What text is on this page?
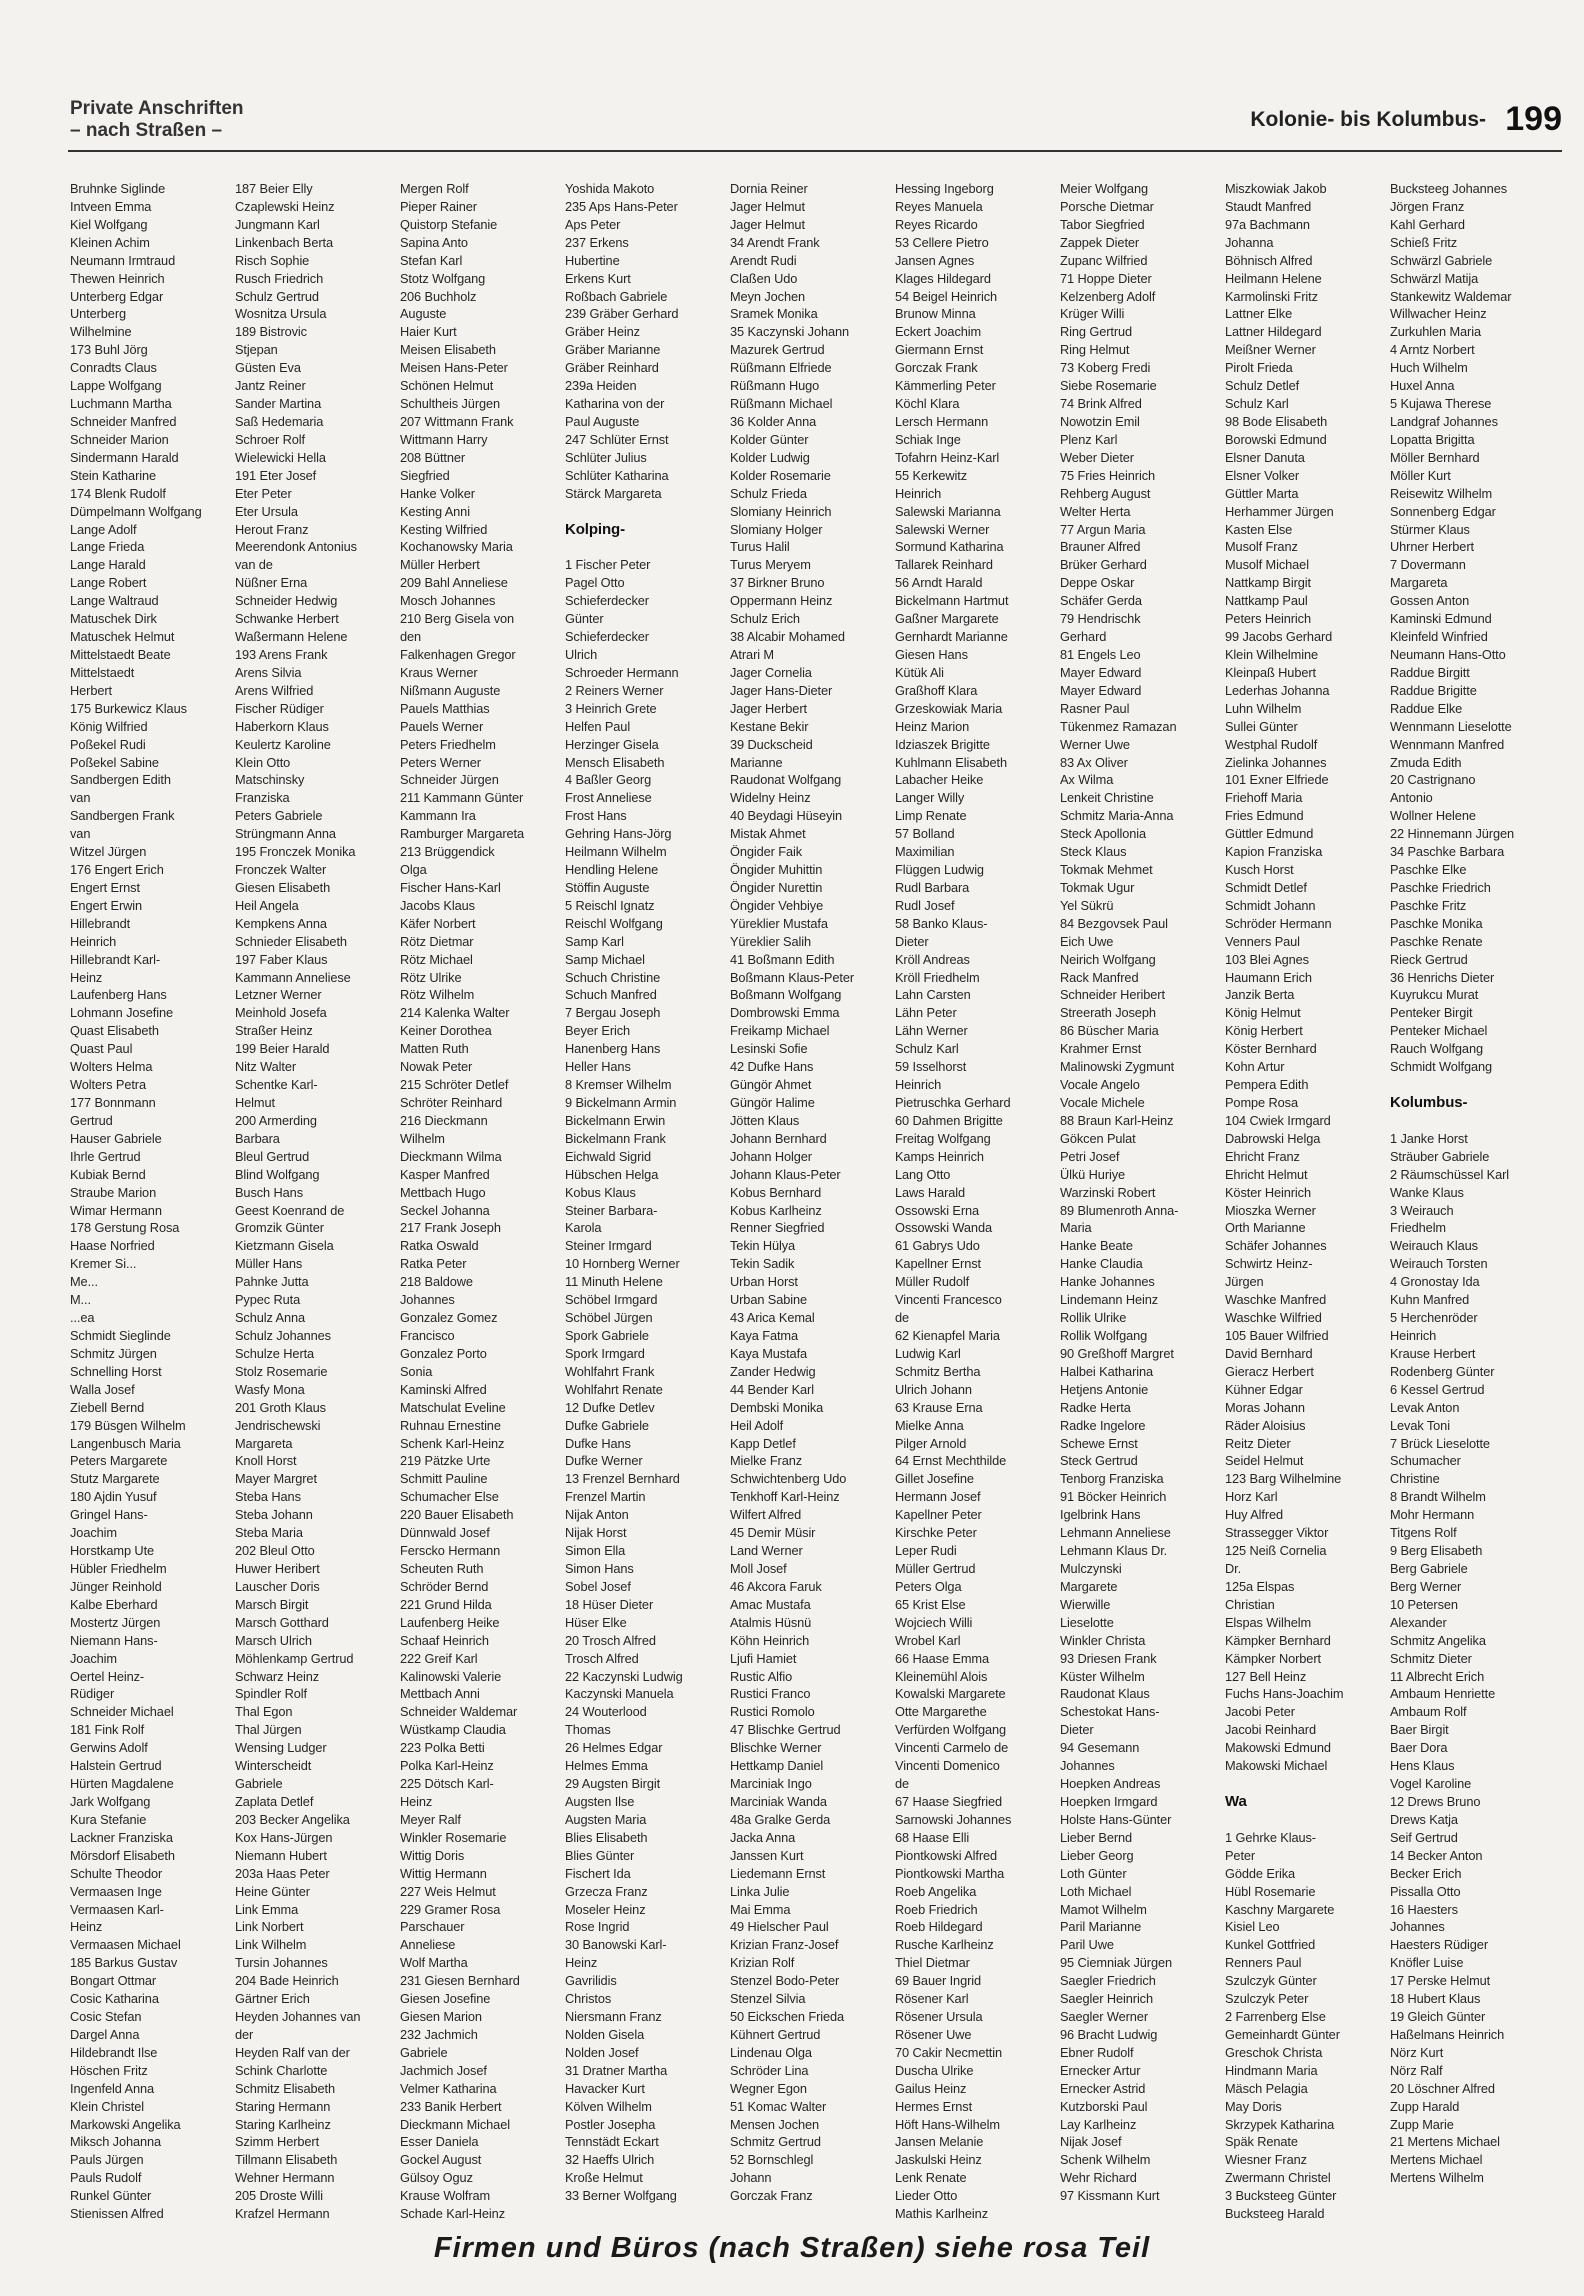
Private Anschriften
– nach Straßen –	Kolonie- bis Kolumbus- 199
Bruhnke Siglinde
Intveen Emma
Kiel Wolfgang
Kleinen Achim
Neumann Irmtraud
Thewen Heinrich
Unterberg Edgar
Unterberg
Wilhelmine
173 Buhl Jörg
Conradts Claus
Lappe Wolfgang
Luchmann Martha
Schneider Manfred
Schneider Marion
Sindermann Harald
Stein Katharine
174 Blenk Rudolf
Dümpelmann Wolfgang
Lange Adolf
Lange Frieda
Lange Harald
Lange Robert
Lange Waltraud
Matuschek Dirk
Matuschek Helmut
Mittelstaedt Beate
Mittelstaedt
Herbert
175 Burkewicz Klaus
König Wilfried
Poßekel Rudi
Poßekel Sabine
Sandbergen Edith
van
Sandbergen Frank
van
Witzel Jürgen
176 Engert Erich
Engert Ernst
Engert Erwin
Hillebrandt
Heinrich
Hillebrandt Karl-
Heinz
Laufenberg Hans
Lohmann Josefine
Quast Elisabeth
Quast Paul
Wolters Helma
Wolters Petra
177 Bonnmann
Gertrud
Hauser Gabriele
Ihrle Gertrud
Kubiak Bernd
Straube Marion
Wimar Hermann
178 Gerstung Rosa
Haase Norfried
Kremer Si...
Me...
M...
...ea
Schmidt Sieglinde
Schmitz Jürgen
Schnelling Horst
Walla Josef
Ziebell Bernd
179 Büsgen Wilhelm
Langenbusch Maria
Peters Margarete
Stutz Margarete
180 Ajdin Yusuf
Gringel Hans-
Joachim
Horstkamp Ute
Hübler Friedhelm
Jünger Reinhold
Kalbe Eberhard
Mostertz Jürgen
Niemann Hans-
Joachim
Oertel Heinz-
Rüdiger
Schneider Michael
181 Fink Rolf
Gerwins Adolf
Halstein Gertrud
Hürten Magdalene
Jark Wolfgang
Kura Stefanie
Lackner Franziska
Mörsdorf Elisabeth
Schulte Theodor
Vermaasen Inge
Vermaasen Karl-
Heinz
Vermaasen Michael
185 Barkus Gustav
Bongart Ottmar
Cosic Katharina
Cosic Stefan
Dargel Anna
Hildebrandt Ilse
Höschen Fritz
Ingenfeld Anna
Klein Christel
Markowski Angelika
Miksch Johanna
Pauls Jürgen
Pauls Rudolf
Runkel Günter
Stienissen Alfred
187 Beier Elly
Czaplewski Heinz
Jungmann Karl
Linkenbach Berta
Risch Sophie
Rusch Friedrich
Schulz Gertrud
Wosnitza Ursula
189 Bistrovic
Stjepan
Güsten Eva
Jantz Reiner
Sander Martina
Saß Hedemaria
Schroer Rolf
Wielewicki Hella
191 Eter Josef
Eter Peter
Eter Ursula
Herout Franz
Meerendonk Antonius
van de
Nüßner Erna
Schneider Hedwig
Schwanke Herbert
Waßermann Helene
193 Arens Frank
Arens Silvia
Arens Wilfried
Fischer Rüdiger
Haberkorn Klaus
Keulertz Karoline
Klein Otto
Matschinsky
Franziska
Peters Gabriele
Strüngmann Anna
195 Fronczek Monika
Fronczek Walter
Giesen Elisabeth
Heil Angela
Kempkens Anna
Schnieder Elisabeth
197 Faber Klaus
Kammann Anneliese
Letzner Werner
Meinhold Josefa
Straßer Heinz
199 Beier Harald
Nitz Walter
Schentke Karl-
Helmut
200 Armerding
Barbara
Bleul Gertrud
Blind Wolfgang
Busch Hans
Geest Koenrand de
Gromzik Günter
Kietzmann Gisela
Müller Hans
Pahnke Jutta
Pypec Ruta
Schulz Anna
Schulz Johannes
Schulze Herta
Stolz Rosemarie
Wasfy Mona
201 Groth Klaus
Jendrischewski
Margareta
Knoll Horst
Mayer Margret
Steba Hans
Steba Johann
Steba Maria
202 Bleul Otto
Huwer Heribert
Lauscher Doris
Marsch Birgit
Marsch Gotthard
Marsch Ulrich
Möhlenkamp Gertrud
Schwarz Heinz
Spindler Rolf
Thal Egon
Thal Jürgen
Wensing Ludger
Winterscheidt
Gabriele
Zaplata Detlef
203 Becker Angelika
Kox Hans-Jürgen
Niemann Hubert
203a Haas Peter
Heine Günter
Link Emma
Link Norbert
Link Wilhelm
Tursin Johannes
204 Bade Heinrich
Gärtner Erich
Heyden Johannes van
der
Heyden Ralf van der
Schink Charlotte
Schmitz Elisabeth
Staring Hermann
Staring Karlheinz
Szimm Herbert
Tillmann Elisabeth
Wehner Hermann
205 Droste Willi
Krafzel Hermann
Mergen Rolf
Pieper Rainer
Quistorp Stefanie
Sapina Anto
Stefan Karl
Stotz Wolfgang
206 Buchholz
Auguste
Haier Kurt
Meisen Elisabeth
Meisen Hans-Peter
Schönen Helmut
Schultheis Jürgen
207 Wittmann Frank
Wittmann Harry
208 Büttner
Siegfried
Hanke Volker
Kesting Anni
Kesting Wilfried
Kochanowsky Maria
Müller Herbert
209 Bahl Anneliese
Mosch Johannes
210 Berg Gisela von
den
Falkenhagen Gregor
Kraus Werner
Nißmann Auguste
Pauels Matthias
Pauels Werner
Peters Friedhelm
Peters Werner
Schneider Jürgen
211 Kammann Günter
Kammann Ira
Ramburger Margareta
213 Brüggendick
Olga
Fischer Hans-Karl
Jacobs Klaus
Käfer Norbert
Rötz Dietmar
Rötz Michael
Rötz Ulrike
Rötz Wilhelm
214 Kalenka Walter
Keiner Dorothea
Matten Ruth
Nowak Peter
215 Schröter Detlef
Schröter Reinhard
216 Dieckmann
Wilhelm
Dieckmann Wilma
Kasper Manfred
Mettbach Hugo
Seckel Johanna
217 Frank Joseph
Ratka Oswald
Ratka Peter
218 Baldowe
Johannes
Gonzalez Gomez
Francisco
Gonzalez Porto
Sonia
Kaminski Alfred
Matschulat Eveline
Ruhnau Ernestine
Schenk Karl-Heinz
219 Pätzke Urte
Schmitt Pauline
Schumacher Else
220 Bauer Elisabeth
Dünnwald Josef
Ferscko Hermann
Scheuten Ruth
Schröder Bernd
221 Grund Hilda
Laufenberg Heike
Schaaf Heinrich
222 Greif Karl
Kalinowski Valerie
Mettbach Anni
Schneider Waldemar
Wüstkamp Claudia
223 Polka Betti
Polka Karl-Heinz
225 Dötsch Karl-
Heinz
Meyer Ralf
Winkler Rosemarie
Wittig Doris
Wittig Hermann
227 Weis Helmut
229 Gramer Rosa
Parschauer
Anneliese
Wolf Martha
231 Giesen Bernhard
Giesen Josefine
Giesen Marion
232 Jachmich
Gabriele
Jachmich Josef
Velmer Katharina
233 Banik Herbert
Dieckmann Michael
Esser Daniela
Gockel August
Gülsoy Oguz
Krause Wolfram
Schade Karl-Heinz
Yoshida Makoto
235 Aps Hans-Peter
Aps Peter
237 Erkens
Hubertine
Erkens Kurt
Roßbach Gabriele
239 Gräber Gerhard
Gräber Heinz
Gräber Marianne
Gräber Reinhard
239a Heiden
Katharina von der
Paul Auguste
247 Schlüter Ernst
Schlüter Julius
Schlüter Katharina
Stärck Margareta
Kolping-
1 Fischer Peter
Pagel Otto
Schieferdecker
Günter
Schieferdecker
Ulrich
Schroeder Hermann
2 Reiners Werner
3 Heinrich Grete
Helfen Paul
Herzinger Gisela
Mensch Elisabeth
4 Baßler Georg
Frost Anneliese
Frost Hans
Gehring Hans-Jörg
Heilmann Wilhelm
Hendling Helene
Stöffin Auguste
5 Reischl Ignatz
Reischl Wolfgang
Samp Karl
Samp Michael
Schuch Christine
Schuch Manfred
7 Bergau Joseph
Beyer Erich
Hanenberg Hans
Heller Hans
8 Kremser Wilhelm
9 Bickelmann Armin
Bickelmann Erwin
Bickelmann Frank
Eichwald Sigrid
Hübschen Helga
Kobus Klaus
Steiner Barbara-
Karola
Steiner Irmgard
10 Hornberg Werner
11 Minuth Helene
Schöbel Irmgard
Schöbel Jürgen
Spork Gabriele
Spork Irmgard
Wohlfahrt Frank
Wohlfahrt Renate
12 Dufke Detlev
Dufke Gabriele
Dufke Hans
Dufke Werner
13 Frenzel Bernhard
Frenzel Martin
Nijak Anton
Nijak Horst
Simon Ella
Simon Hans
Sobel Josef
18 Hüser Dieter
Hüser Elke
20 Trosch Alfred
Trosch Alfred
22 Kaczynski Ludwig
Kaczynski Manuela
24 Wouterlood
Thomas
26 Helmes Edgar
Helmes Emma
29 Augsten Birgit
Augsten Ilse
Augsten Maria
Blies Elisabeth
Blies Günter
Fischert Ida
Grzecza Franz
Moseler Heinz
Rose Ingrid
30 Banowski Karl-
Heinz
Gavrilidis
Christos
Niersmann Franz
Nolden Gisela
Nolden Josef
31 Dratner Martha
Havacker Kurt
Kölven Wilhelm
Postler Josepha
Tennstädt Eckart
32 Haeffs Ulrich
Kroße Helmut
33 Berner Wolfgang
Dornia Reiner
Jager Helmut
Jager Helmut
34 Arendt Frank
Arendt Rudi
Claßen Udo
Meyn Jochen
Sramek Monika
35 Kaczynski Johann
Mazurek Gertrud
Rüßmann Elfriede
Rüßmann Hugo
Rüßmann Michael
36 Kolder Anna
Kolder Günter
Kolder Ludwig
Kolder Rosemarie
Schulz Frieda
Slomiany Heinrich
Slomiany Holger
Turus Halil
Turus Meryem
37 Birkner Bruno
Oppermann Heinz
Schulz Erich
38 Alcabir Mohamed
Atrari M
Jager Cornelia
Jager Hans-Dieter
Jager Herbert
Kestane Bekir
39 Duckscheid
Marianne
Raudonat Wolfgang
Widelny Heinz
40 Beydagi Hüseyin
Mistak Ahmet
Öngider Faik
Öngider Muhittin
Öngider Nurettin
Öngider Vehbiye
Yüreklier Mustafa
Yüreklier Salih
41 Boßmann Edith
Boßmann Klaus-Peter
Boßmann Wolfgang
Dombrowski Emma
Freikamp Michael
Lesinski Sofie
42 Dufke Hans
Güngör Ahmet
Güngör Halime
Jötten Klaus
Johann Bernhard
Johann Holger
Johann Klaus-Peter
Kobus Bernhard
Kobus Karlheinz
Renner Siegfried
Tekin Hülya
Tekin Sadik
Urban Horst
Urban Sabine
43 Arica Kemal
Kaya Fatma
Kaya Mustafa
Zander Hedwig
44 Bender Karl
Dembski Monika
Heil Adolf
Kapp Detlef
Mielke Franz
Schwichtenberg Udo
Tenkhoff Karl-Heinz
Wilfert Alfred
45 Demir Müsir
Land Werner
Moll Josef
46 Akcora Faruk
Amac Mustafa
Atalmis Hüsnü
Köhn Heinrich
Ljufi Hamiet
Rustic Alfio
Rustici Franco
Rustici Romolo
47 Blischke Gertrud
Blischke Werner
Hettkamp Daniel
Marciniak Ingo
Marciniak Wanda
48a Gralke Gerda
Jacka Anna
Janssen Kurt
Liedemann Ernst
Linka Julie
Mai Emma
49 Hielscher Paul
Krizian Franz-Josef
Krizian Rolf
Stenzel Bodo-Peter
Stenzel Silvia
50 Eickschen Frieda
Kühnert Gertrud
Lindenau Olga
Schröder Lina
Wegner Egon
51 Komac Walter
Mensen Jochen
Schmitz Gertrud
52 Bornschlegl
Johann
Gorczak Franz
Hessing Ingeborg
Reyes Manuela
Reyes Ricardo
53 Cellere Pietro
Jansen Agnes
Klages Hildegard
54 Beigel Heinrich
Brunow Minna
Eckert Joachim
Giermann Ernst
Gorczak Frank
Kämmerling Peter
Köchl Klara
Lersch Hermann
Schiak Inge
Tofahrn Heinz-Karl
55 Kerkewitz
Heinrich
Salewski Marianna
Salewski Werner
Sormund Katharina
Tallarek Reinhard
56 Arndt Harald
Bickelmann Hartmut
Gaßner Margarete
Gernhardt Marianne
Giesen Hans
Kütük Ali
Graßhoff Klara
Grzeskowiak Maria
Heinz Marion
Idziaszek Brigitte
Kuhlmann Elisabeth
Labacher Heike
Langer Willy
Limp Renate
57 Bolland
Maximilian
Flüggen Ludwig
Rudl Barbara
Rudl Josef
58 Banko Klaus-
Dieter
Kröll Andreas
Kröll Friedhelm
Lahn Carsten
Lähn Peter
Lähn Werner
Schulz Karl
59 Isselhorst
Heinrich
Pietruschka Gerhard
60 Dahmen Brigitte
Freitag Wolfgang
Kamps Heinrich
Lang Otto
Laws Harald
Ossowski Erna
Ossowski Wanda
61 Gabrys Udo
Kapellner Ernst
Müller Rudolf
Vincenti Francesco
de
62 Kienapfel Maria
Ludwig Karl
Schmitz Bertha
Ulrich Johann
63 Krause Erna
Mielke Anna
Pilger Arnold
64 Ernst Mechthilde
Gillet Josefine
Hermann Josef
Kapellner Peter
Kirschke Peter
Leper Rudi
Müller Gertrud
Peters Olga
65 Krist Else
Wojciech Willi
Wrobel Karl
66 Haase Emma
Kleinemühl Alois
Kowalski Margarete
Otte Margarethe
Verfürden Wolfgang
Vincenti Carmelo de
Vincenti Domenico
de
67 Haase Siegfried
Sarnowski Johannes
68 Haase Elli
Piontkowski Alfred
Piontkowski Martha
Roeb Angelika
Roeb Friedrich
Roeb Hildegard
Rusche Karlheinz
Thiel Dietmar
69 Bauer Ingrid
Rösener Karl
Rösener Ursula
Rösener Uwe
70 Cakir Necmettin
Duscha Ulrike
Gailus Heinz
Hermes Ernst
Höft Hans-Wilhelm
Jansen Melanie
Jaskulski Heinz
Lenk Renate
Lieder Otto
Mathis Karlheinz
Meier Wolfgang
Porsche Dietmar
Tabor Siegfried
Zappek Dieter
Zupanc Wilfried
71 Hoppe Dieter
Kelzenberg Adolf
Krüger Willi
Ring Gertrud
Ring Helmut
73 Koberg Fredi
Siebe Rosemarie
74 Brink Alfred
Nowotzin Emil
Plenz Karl
Weber Dieter
75 Fries Heinrich
Rehberg August
Welter Herta
77 Argun Maria
Brauner Alfred
Brüker Gerhard
Deppe Oskar
Schäfer Gerda
79 Hendrischk
Gerhard
81 Engels Leo
Mayer Edward
Mayer Edward
Rasner Paul
Tükenmez Ramazan
Werner Uwe
83 Ax Oliver
Ax Wilma
Lenkeit Christine
Schmitz Maria-Anna
Steck Apollonia
Steck Klaus
Tokmak Mehmet
Tokmak Ugur
Yel Sükrü
84 Bezgovsek Paul
Eich Uwe
Neirich Wolfgang
Rack Manfred
Schneider Heribert
Streerath Joseph
86 Büscher Maria
Krahmer Ernst
Malinowski Zygmunt
Vocale Angelo
Vocale Michele
88 Braun Karl-Heinz
Gökcen Pulat
Petri Josef
Ülkü Huriye
Warzinski Robert
89 Blumenroth Anna-
Maria
Hanke Beate
Hanke Claudia
Hanke Johannes
Lindemann Heinz
Rollik Ulrike
Rollik Wolfgang
90 Greßhoff Margret
Halbei Katharina
Hetjens Antonie
Radke Herta
Radke Ingelore
Schewe Ernst
Steck Gertrud
Tenborg Franziska
91 Böcker Heinrich
Igelbrink Hans
Lehmann Anneliese
Lehmann Klaus Dr.
Mulczynski
Margarete
Wierwille
Lieselotte
Winkler Christa
93 Driesen Frank
Küster Wilhelm
Raudonat Klaus
Schestokat Hans-
Dieter
94 Gesemann
Johannes
Hoepken Andreas
Hoepken Irmgard
Holste Hans-Günter
Lieber Bernd
Lieber Georg
Loth Günter
Loth Michael
Mamot Wilhelm
Paril Marianne
Paril Uwe
95 Ciemniak Jürgen
Saegler Friedrich
Saegler Heinrich
Saegler Werner
96 Bracht Ludwig
Ebner Rudolf
Ernecker Artur
Ernecker Astrid
Kutzborski Paul
Lay Karlheinz
Nijak Josef
Schenk Wilhelm
Wehr Richard
97 Kissmann Kurt
Miszkowiak Jakob
Staudt Manfred
97a Bachmann
Johanna
Böhnisch Alfred
Heilmann Helene
Karmolinski Fritz
Lattner Elke
Lattner Hildegard
Meißner Werner
Pirolt Frieda
Schulz Detlef
Schulz Karl
98 Bode Elisabeth
Borowski Edmund
Elsner Danuta
Elsner Volker
Güttler Marta
Herhammer Jürgen
Kasten Else
Musolf Franz
Musolf Michael
Nattkamp Birgit
Nattkamp Paul
Peters Heinrich
99 Jacobs Gerhard
Klein Wilhelmine
Kleinpaß Hubert
Lederhas Johanna
Luhn Wilhelm
Sullei Günter
Westphal Rudolf
Zielinka Johannes
101 Exner Elfriede
Friehoff Maria
Fries Edmund
Güttler Edmund
Kapion Franziska
Kusch Horst
Schmidt Detlef
Schmidt Johann
Schröder Hermann
Venners Paul
103 Blei Agnes
Haumann Erich
Janzik Berta
König Helmut
König Herbert
Köster Bernhard
Kohn Artur
Pempera Edith
Pompe Rosa
104 Cwiek Irmgard
Dabrowski Helga
Ehricht Franz
Ehricht Helmut
Köster Heinrich
Mioszka Werner
Orth Marianne
Schäfer Johannes
Schwirtz Heinz-
Jürgen
Waschke Manfred
Waschke Wilfried
105 Bauer Wilfried
David Bernhard
Gieracz Herbert
Kühner Edgar
Moras Johann
Räder Aloisius
Reitz Dieter
Seidel Helmut
123 Barg Wilhelmine
Horz Karl
Huy Alfred
Strassegger Viktor
125 Neiß Cornelia
Dr.
125a Elspas
Christian
Elspas Wilhelm
Kämpker Bernhard
Kämpker Norbert
127 Bell Heinz
Fuchs Hans-Joachim
Jacobi Peter
Jacobi Reinhard
Makowski Edmund
Makowski Michael
Wa
1 Gehrke Klaus-
Peter
Gödde Erika
Hübl Rosemarie
Kaschny Margarete
Kisiel Leo
Kunkel Gottfried
Renners Paul
Szulczyk Günter
Szulczyk Peter
2 Farrenberg Else
Gemeinhardt Günter
Greschok Christa
Hindmann Maria
Mäsch Pelagia
May Doris
Skrzypek Katharina
Späk Renate
Wiesner Franz
Zwermann Christel
3 Bucksteeg Günter
Bucksteeg Harald
Bucksteeg Johannes
Jörgen Franz
Kahl Gerhard
Schieß Fritz
Schwärzl Gabriele
Schwärzl Matija
Stankewitz Waldemar
Willwacher Heinz
Zurkuhlen Maria
4 Arntz Norbert
Huch Wilhelm
Huxel Anna
5 Kujawa Therese
Landgraf Johannes
Lopatta Brigitta
Möller Bernhard
Möller Kurt
Reisewitz Wilhelm
Sonnenberg Edgar
Stürmer Klaus
Uhrner Herbert
7 Dovermann
Margareta
Gossen Anton
Kaminski Edmund
Kleinfeld Winfried
Neumann Hans-Otto
Raddue Birgitt
Raddue Brigitte
Raddue Elke
Wennmann Lieselotte
Wennmann Manfred
Zmuda Edith
20 Castrignano
Antonio
Wollner Helene
22 Hinnemann Jürgen
34 Paschke Barbara
Paschke Elke
Paschke Friedrich
Paschke Fritz
Paschke Monika
Paschke Renate
Rieck Gertrud
36 Henrichs Dieter
Kuyrukcu Murat
Penteker Birgit
Penteker Michael
Rauch Wolfgang
Schmidt Wolfgang
Kolumbus-
1 Janke Horst
Sträuber Gabriele
2 Räumschüssel Karl
Wanke Klaus
3 Weirauch
Friedhelm
Weirauch Klaus
Weirauch Torsten
4 Gronostay Ida
Kuhn Manfred
5 Herchenröder
Heinrich
Krause Herbert
Rodenberg Günter
6 Kessel Gertrud
Levak Anton
Levak Toni
7 Brück Lieselotte
Schumacher
Christine
8 Brandt Wilhelm
Mohr Hermann
Titgens Rolf
9 Berg Elisabeth
Berg Gabriele
Berg Werner
10 Petersen
Alexander
Schmitz Angelika
Schmitz Dieter
11 Albrecht Erich
Ambaum Henriette
Ambaum Rolf
Baer Birgit
Baer Dora
Hens Klaus
Vogel Karoline
12 Drews Bruno
Drews Katja
Seif Gertrud
14 Becker Anton
Becker Erich
Pissalla Otto
16 Haesters
Johannes
Haesters Rüdiger
Knöfler Luise
17 Perske Helmut
18 Hubert Klaus
19 Gleich Günter
Haßelmans Heinrich
Nörz Kurt
Nörz Ralf
20 Löschner Alfred
Zupp Harald
Zupp Marie
21 Mertens Michael
Mertens Michael
Mertens Wilhelm
Firmen und Büros (nach Straßen) siehe rosa Teil
